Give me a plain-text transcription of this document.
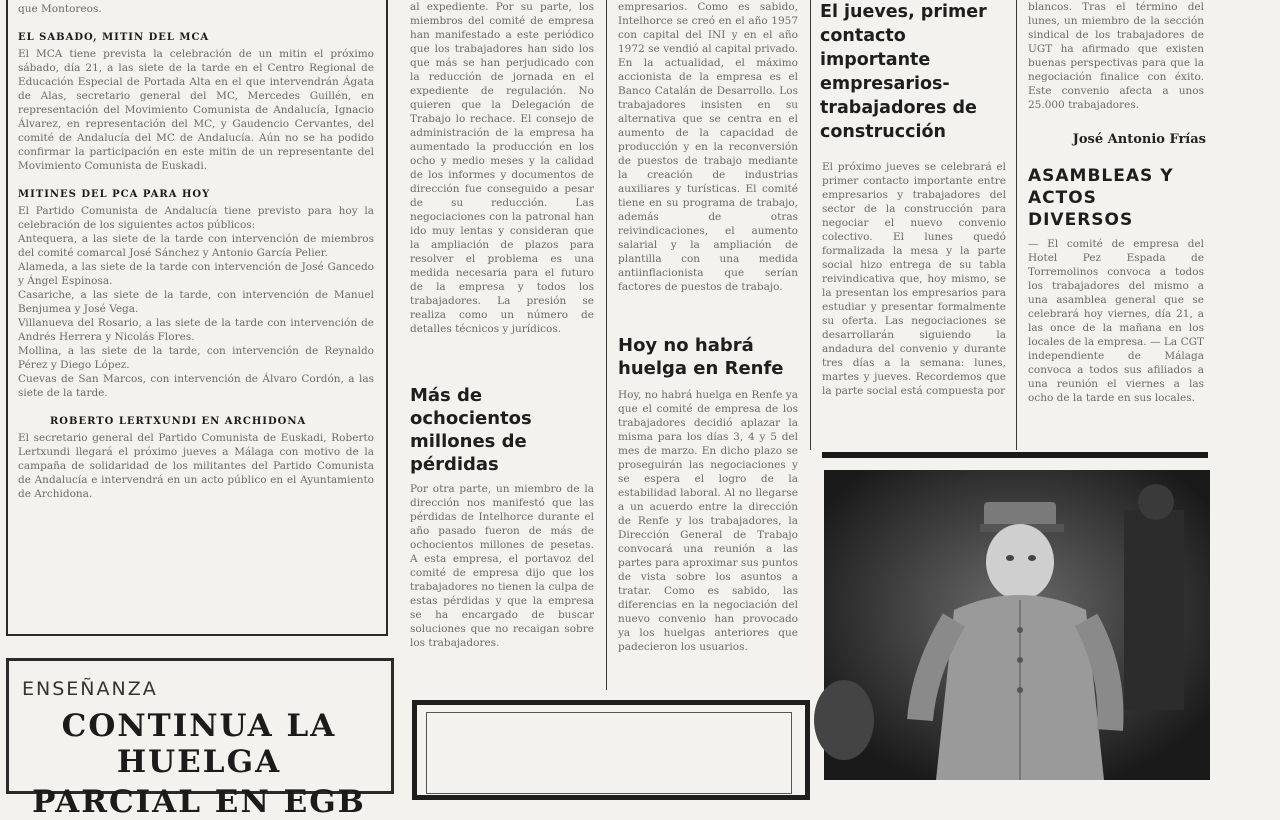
que Montoreos.

EL SABADO, MITIN DEL MCA

El MCA tiene prevista la celebración de un mitin el próximo sábado, día 21, a las siete de la tarde en el Centro Regional de Educación Especial de Portada Alta en el que intervendrán Ágata de Alas, secretario general del MC, Mercedes Guillén, en representación del Movimiento Comunista de Andalucía, Ignacio Álvarez, en representación del MC, y Gaudencio Cervantes, del comité de Andalucía del MC de Andalucía. Aún no se ha podido confirmar la participación en este mitin de un representante del Movimiento Comunista de Euskadi.

MITINES DEL PCA PARA HOY

El Partido Comunista de Andalucía tiene previsto para hoy la celebración de los siguientes actos públicos:

Antequera, a las siete de la tarde con intervención de miembros del comité comarcal José Sánchez y Antonio García Pelier.

Alameda, a las siete de la tarde con intervención de José Gancedo y Ángel Espinosa.

Casariche, a las siete de la tarde, con intervención de Manuel Benjumea y José Vega.

Villanueva del Rosario, a las siete de la tarde con intervención de Andrés Herrera y Nicolás Flores.

Mollina, a las siete de la tarde, con intervención de Reynaldo Pérez y Diego López.

Cuevas de San Marcos, con intervención de Álvaro Cordón, a las siete de la tarde.

ROBERTO LERTXUNDI EN ARCHIDONA

El secretario general del Partido Comunista de Euskadi, Roberto Lertxundi llegará el próximo jueves a Málaga con motivo de la campaña de solidaridad de los militantes del Partido Comunista de Andalucía e intervendrá en un acto público en el Ayuntamiento de Archidona.

ENSEÑANZA
CONTINUA LA HUELGA
PARCIAL EN EGB

al expediente. Por su parte, los miembros del comité de empresa han manifestado a este periódico que los trabajadores han sido los que más se han perjudicado con la reducción de jornada en el expediente de regulación. No quieren que la Delegación de Trabajo lo rechace. El consejo de administración de la empresa ha aumentado la producción en los ocho y medio meses y la calidad de los informes y documentos de dirección fue conseguido a pesar de su reducción. Las negociaciones con la patronal han ido muy lentas y consideran que la ampliación de plazos para resolver el problema es una medida necesaria para el futuro de la empresa y todos los trabajadores. La presión se realiza como un número de detalles técnicos y jurídicos.

Más de ochocientos millones de pérdidas

Por otra parte, un miembro de la dirección nos manifestó que las pérdidas de Intelhorce durante el año pasado fueron de más de ochocientos millones de pesetas. A esta empresa, el portavoz del comité de empresa dijo que los trabajadores no tienen la culpa de estas pérdidas y que la empresa se ha encargado de buscar soluciones que no recaigan sobre los trabajadores.

empresarios. Como es sabido, Intelhorce se creó en el año 1957 con capital del INI y en el año 1972 se vendió al capital privado. En la actualidad, el máximo accionista de la empresa es el Banco Catalán de Desarrollo. Los trabajadores insisten en su alternativa que se centra en el aumento de la capacidad de producción y en la reconversión de puestos de trabajo mediante la creación de industrias auxiliares y turísticas. El comité tiene en su programa de trabajo, además de otras reivindicaciones, el aumento salarial y la ampliación de plantilla con una medida antiinflacionista que serían factores de puestos de trabajo.

Hoy no habrá huelga en Renfe

Hoy, no habrá huelga en Renfe ya que el comité de empresa de los trabajadores decidió aplazar la misma para los días 3, 4 y 5 del mes de marzo. En dicho plazo se proseguirán las negociaciones y se espera el logro de la estabilidad laboral. Al no llegarse a un acuerdo entre la dirección de Renfe y los trabajadores, la Dirección General de Trabajo convocará una reunión a las partes para aproximar sus puntos de vista sobre los asuntos a tratar. Como es sabido, las diferencias en la negociación del nuevo convenio han provocado ya los huelgas anteriores que padecieron los usuarios.

El jueves, primer contacto importante empresarios-trabajadores de construcción

El próximo jueves se celebrará el primer contacto importante entre empresarios y trabajadores del sector de la construcción para negociar el nuevo convenio colectivo. El lunes quedó formalizada la mesa y la parte social hizo entrega de su tabla reivindicativa que, hoy mismo, se la presentan los empresarios para estudiar y presentar formalmente su oferta. Las negociaciones se desarrollarán siguiendo la andadura del convenio y durante tres días a la semana: lunes, martes y jueves. Recordemos que la parte social está compuesta por

blancos. Tras el término del lunes, un miembro de la sección sindical de los trabajadores de UGT ha afirmado que existen buenas perspectivas para que la negociación finalice con éxito. Este convenio afecta a unos 25.000 trabajadores.

José Antonio Frías
ASAMBLEAS Y ACTOS DIVERSOS

— El comité de empresa del Hotel Pez Espada de Torremolinos convoca a todos los trabajadores del mismo a una asamblea general que se celebrará hoy viernes, día 21, a las once de la mañana en los locales de la empresa. — La CGT independiente de Málaga convoca a todos sus afiliados a una reunión el viernes a las ocho de la tarde en sus locales.
